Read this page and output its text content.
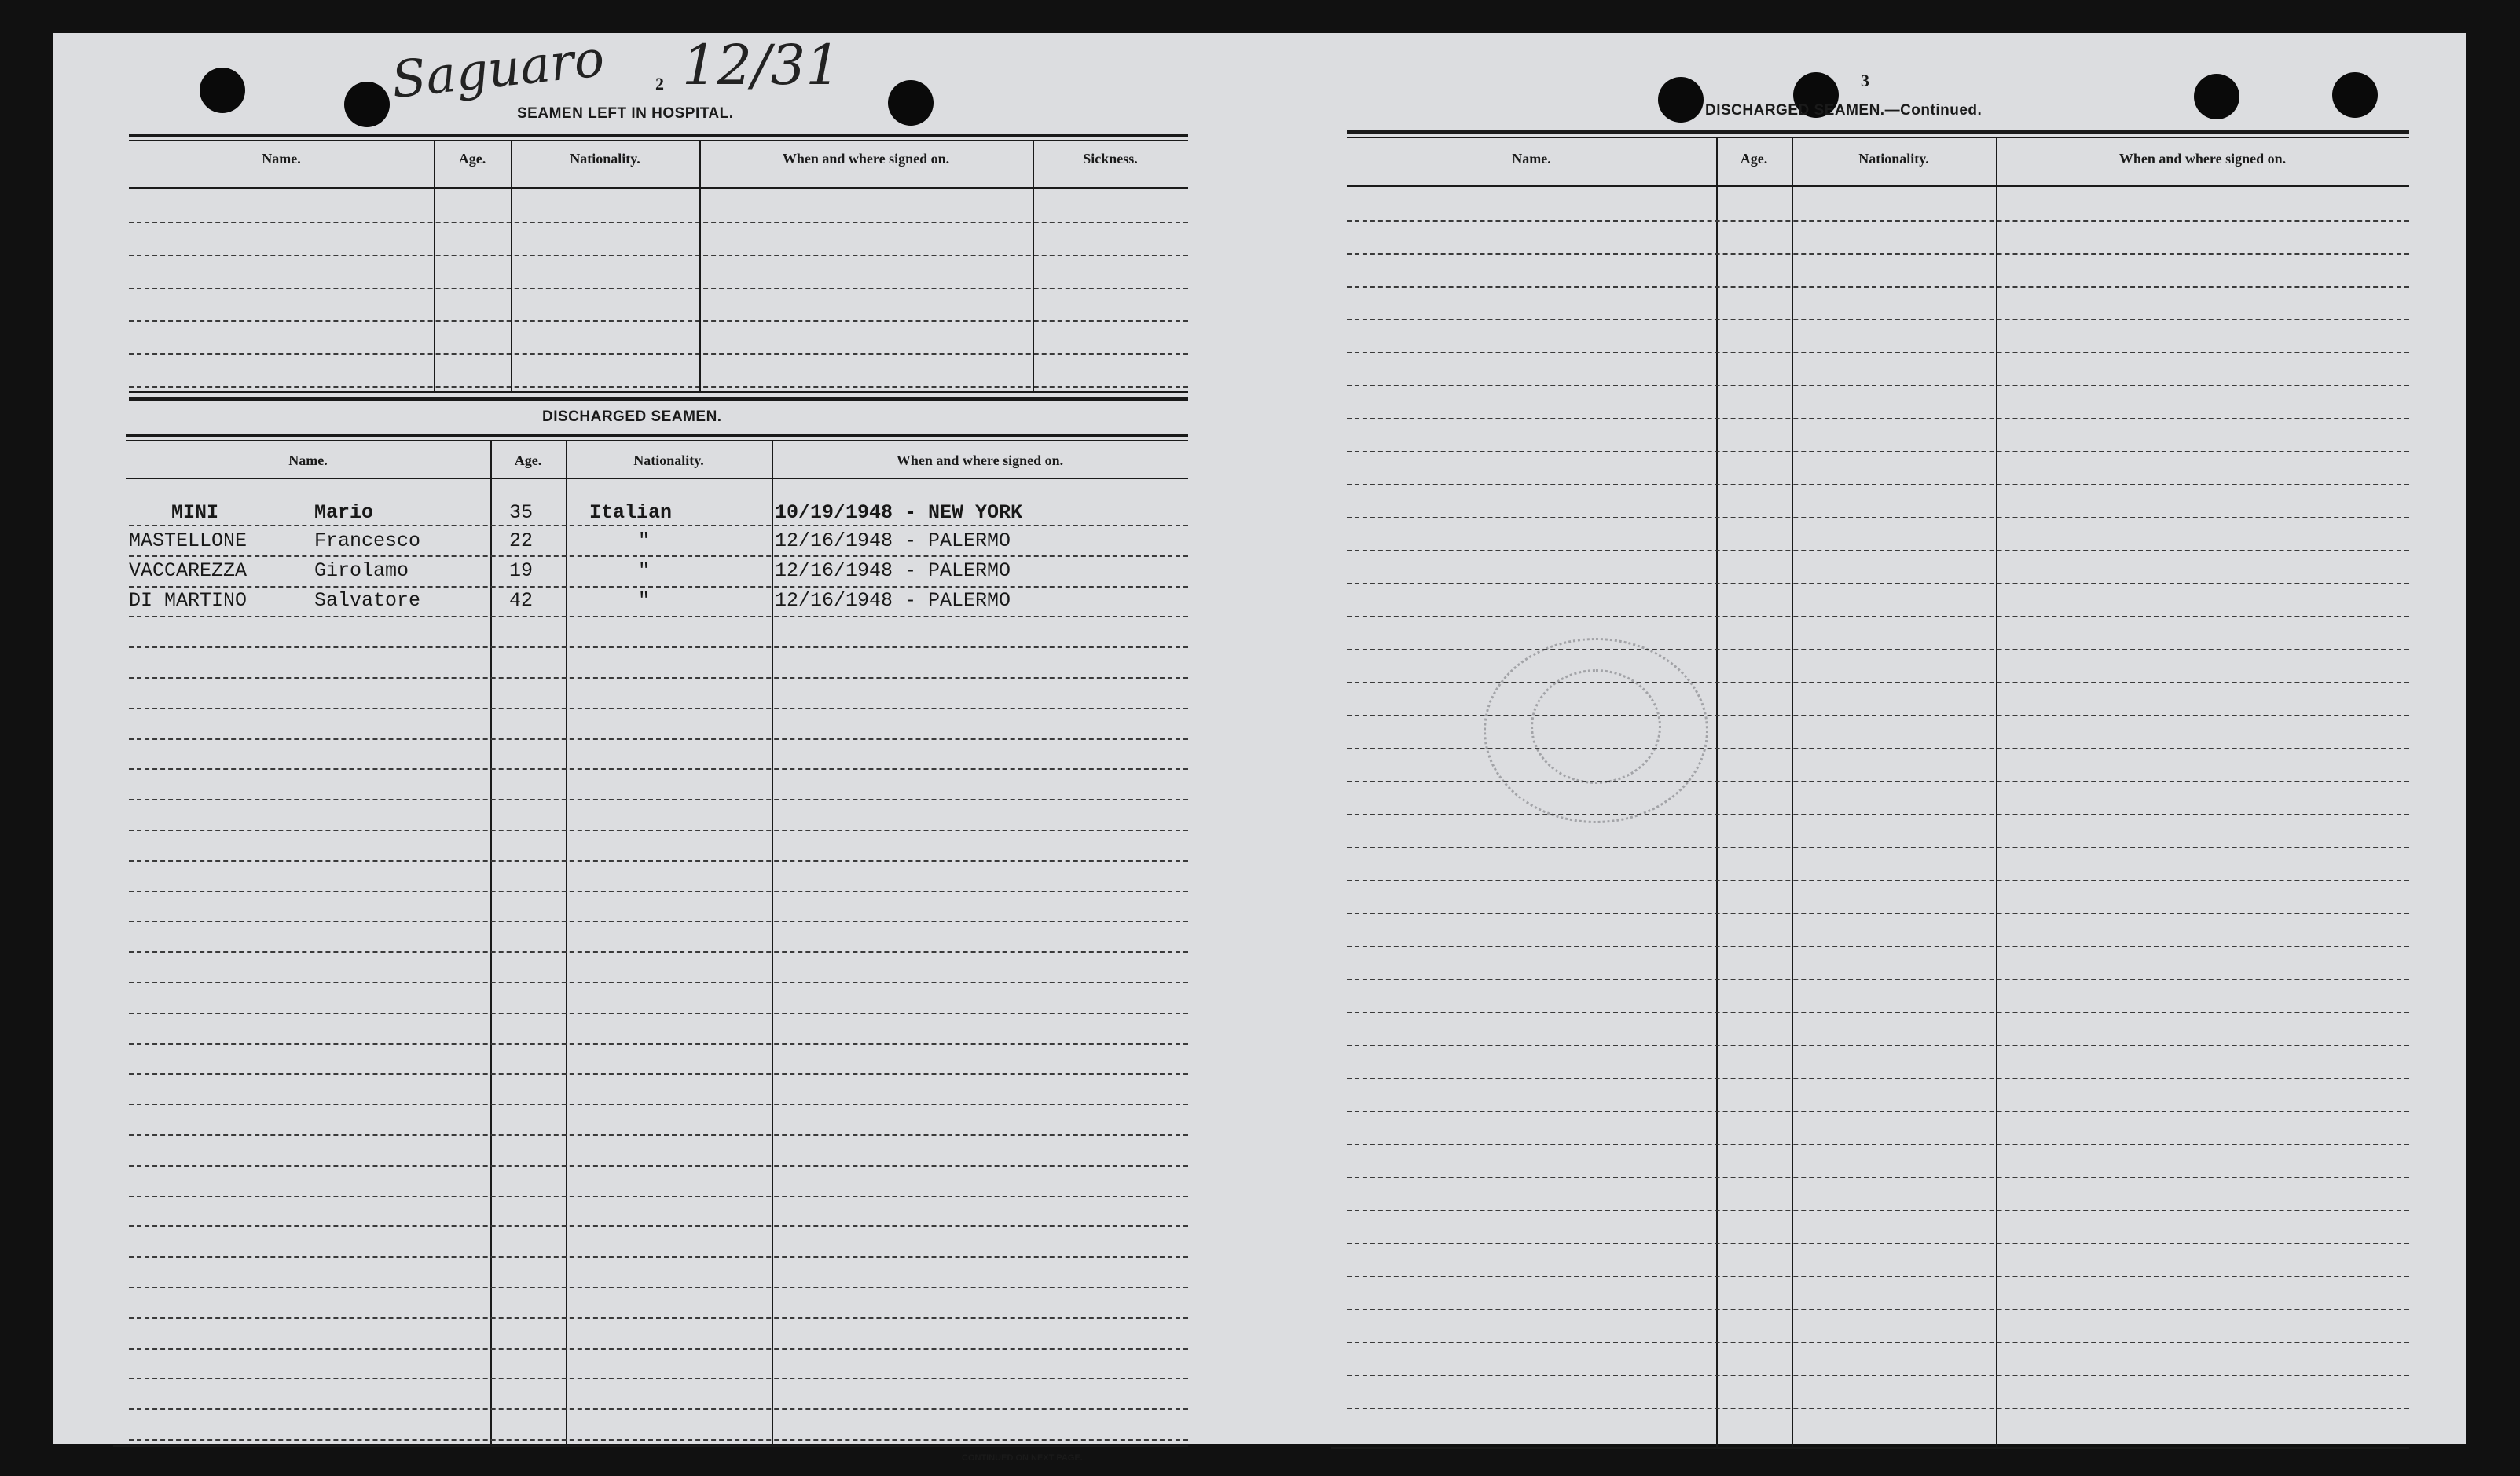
Saguaro 12/31
2
SEAMEN LEFT IN HOSPITAL.
Name.	Age.	Nationality.	When and where signed on.	Sickness.
DISCHARGED SEAMEN.
Name.	Age.	Nationality.	When and where signed on.
MINI	Mario	35	Italian	10/19/1948 - NEW YORK
MASTELLONE	Francesco	22	"	12/16/1948 - PALERMO
VACCAREZZA	Girolamo	19	"	12/16/1948 - PALERMO
DI MARTINO	Salvatore	42	"	12/16/1948 - PALERMO
CONTINUED ON NEXT PAGE.
3
DISCHARGED SEAMEN.—Continued.
Name.	Age.	Nationality.	When and where signed on.
